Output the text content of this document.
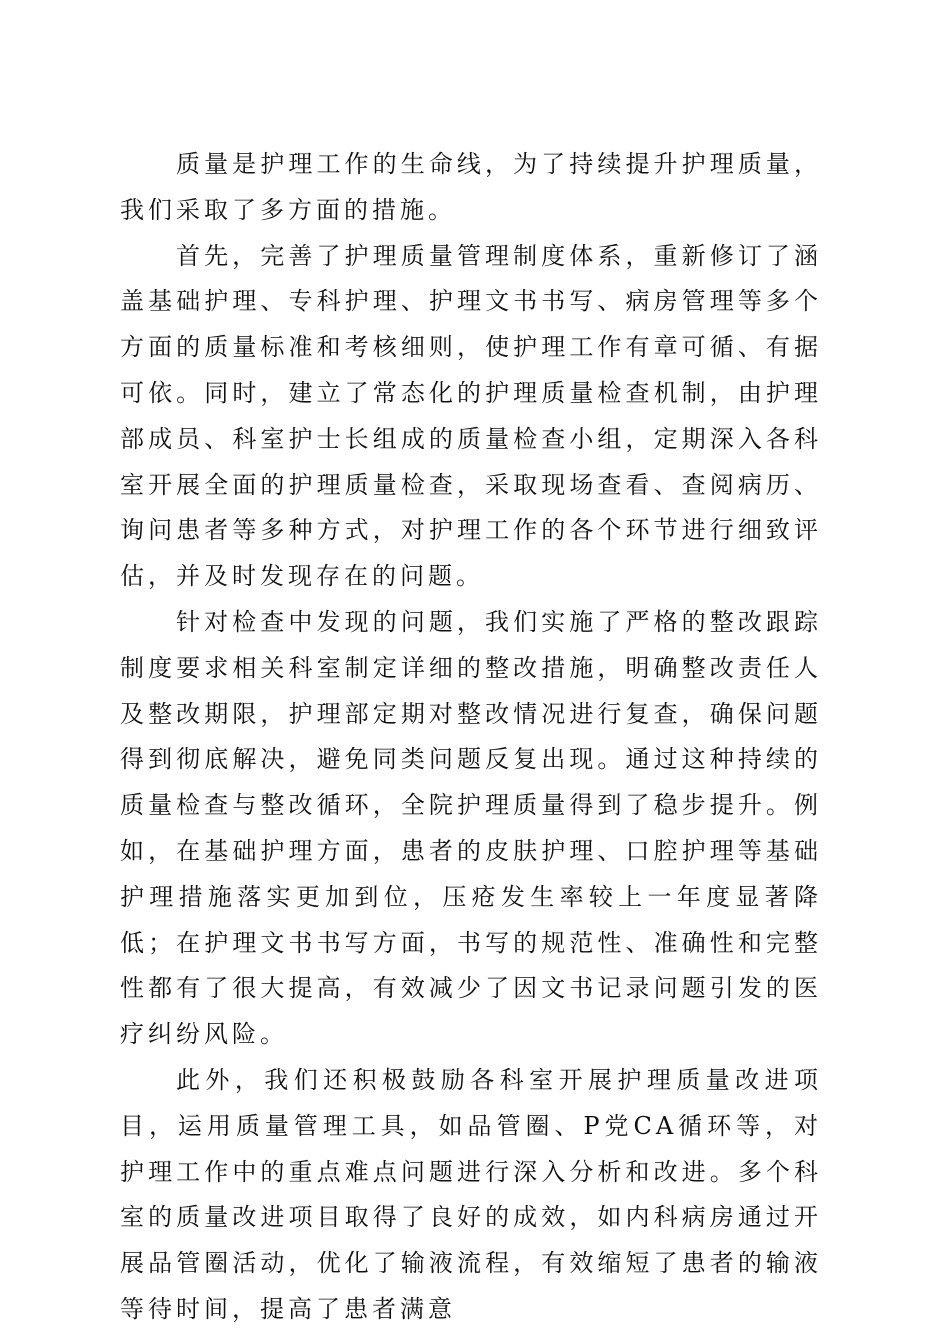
质量是护理工作的生命线，为了持续提升护理质量，我们采取了多方面的措施。

首先，完善了护理质量管理制度体系，重新修订了涵盖基础护理、专科护理、护理文书书写、病房管理等多个方面的质量标准和考核细则，使护理工作有章可循、有据可依。同时，建立了常态化的护理质量检查机制，由护理部成员、科室护士长组成的质量检查小组，定期深入各科室开展全面的护理质量检查，采取现场查看、查阅病历、询问患者等多种方式，对护理工作的各个环节进行细致评估，并及时发现存在的问题。

针对检查中发现的问题，我们实施了严格的整改跟踪制度要求相关科室制定详细的整改措施，明确整改责任人及整改期限，护理部定期对整改情况进行复查，确保问题得到彻底解决，避免同类问题反复出现。通过这种持续的质量检查与整改循环，全院护理质量得到了稳步提升。例如，在基础护理方面，患者的皮肤护理、口腔护理等基础护理措施落实更加到位，压疮发生率较上一年度显著降低；在护理文书书写方面，书写的规范性、准确性和完整性都有了很大提高，有效减少了因文书记录问题引发的医疗纠纷风险。

此外，我们还积极鼓励各科室开展护理质量改进项目，运用质量管理工具，如品管圈、P党CA循环等，对护理工作中的重点难点问题进行深入分析和改进。多个科室的质量改进项目取得了良好的成效，如内科病房通过开展品管圈活动，优化了输液流程，有效缩短了患者的输液等待时间，提高了患者满意
